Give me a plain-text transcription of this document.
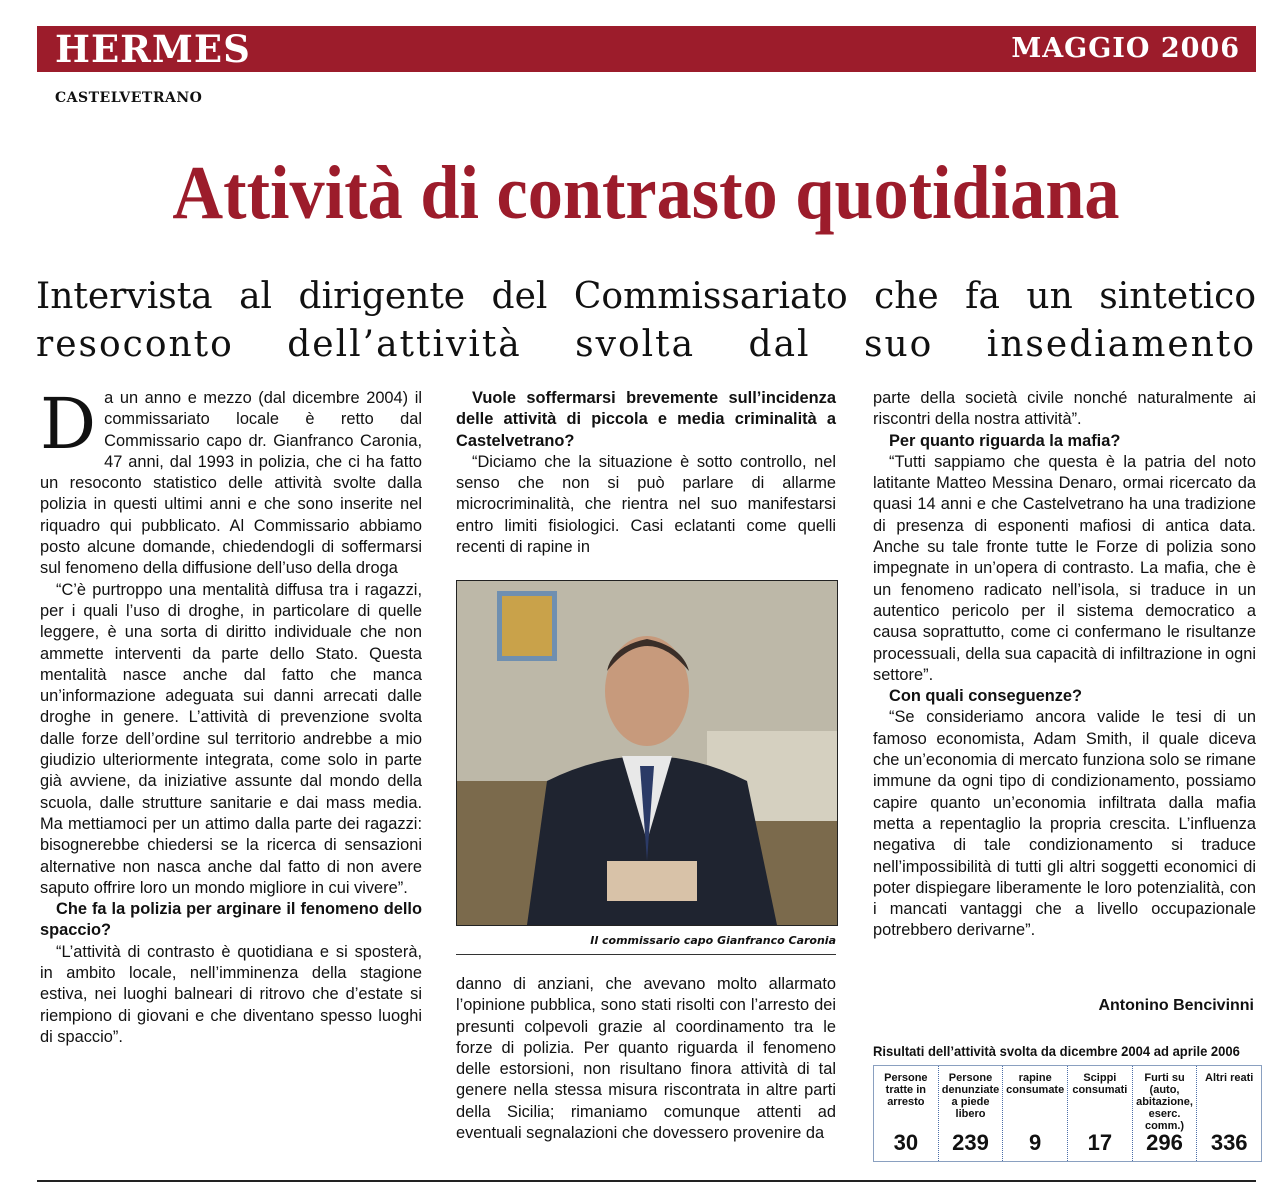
HERMES	MAGGIO 2006
CASTELVETRANO
Attività di contrasto quotidiana
Intervista al dirigente del Commissariato che fa un sintetico
resoconto dell’attività svolta dal suo insediamento
D a un anno e mezzo (dal dicembre 2004) il commissariato locale è retto dal Commissario capo dr. Gianfranco Caronia, 47 anni, dal 1993 in polizia, che ci ha fatto un resoconto statistico delle attività svolte dalla polizia in questi ultimi anni e che sono inserite nel riquadro qui pubblicato. Al Commissario abbiamo posto alcune domande, chiedendogli di soffermarsi sul fenomeno della diffusione dell’uso della droga

“C’è purtroppo una mentalità diffusa tra i ragazzi, per i quali l’uso di droghe, in particolare di quelle leggere, è una sorta di diritto individuale che non ammette interventi da parte dello Stato. Questa mentalità nasce anche dal fatto che manca un’informazione adeguata sui danni arrecati dalle droghe in genere. L’attività di prevenzione svolta dalle forze dell’ordine sul territorio andrebbe a mio giudizio ulteriormente integrata, come solo in parte già avviene, da iniziative assunte dal mondo della scuola, dalle strutture sanitarie e dai mass media. Ma mettiamoci per un attimo dalla parte dei ragazzi: bisognerebbe chiedersi se la ricerca di sensazioni alternative non nasca anche dal fatto di non avere saputo offrire loro un mondo migliore in cui vivere”.

Che fa la polizia per arginare il fenomeno dello spaccio?

“L’attività di contrasto è quotidiana e si sposterà, in ambito locale, nell’imminenza della stagione estiva, nei luoghi balneari di ritrovo che d’estate si riempiono di giovani e che diventano spesso luoghi di spaccio”.

Vuole soffermarsi brevemente sull’incidenza delle attività di piccola e media criminalità a Castelvetrano?

“Diciamo che la situazione è sotto controllo, nel senso che non si può parlare di allarme microcriminalità, che rientra nel suo manifestarsi entro limiti fisiologici. Casi eclatanti come quelli recenti di rapine in

Il commissario capo Gianfranco Caronia

danno di anziani, che avevano molto allarmato l’opinione pubblica, sono stati risolti con l’arresto dei presunti colpevoli grazie al coordinamento tra le forze di polizia. Per quanto riguarda il fenomeno delle estorsioni, non risultano finora attività di tal genere nella stessa misura riscontrata in altre parti della Sicilia; rimaniamo comunque attenti ad eventuali segnalazioni che dovessero provenire da

parte della società civile nonché naturalmente ai riscontri della nostra attività”.

Per quanto riguarda la mafia?

“Tutti sappiamo che questa è la patria del noto latitante Matteo Messina Denaro, ormai ricercato da quasi 14 anni e che Castelvetrano ha una tradizione di presenza di esponenti mafiosi di antica data. Anche su tale fronte tutte le Forze di polizia sono impegnate in un’opera di contrasto. La mafia, che è un fenomeno radicato nell’isola, si traduce in un autentico pericolo per il sistema democratico a causa soprattutto, come ci confermano le risultanze processuali, della sua capacità di infiltrazione in ogni settore”.

Con quali conseguenze?

“Se consideriamo ancora valide le tesi di un famoso economista, Adam Smith, il quale diceva che un’economia di mercato funziona solo se rimane immune da ogni tipo di condizionamento, possiamo capire quanto un’economia infiltrata dalla mafia metta a repentaglio la propria crescita. L’influenza negativa di tale condizionamento si traduce nell’impossibilità di tutti gli altri soggetti economici di poter dispiegare liberamente le loro potenzialità, con i mancati vantaggi che a livello occupazionale potrebbero derivarne”.

Antonino Bencivinni
Risultati dell’attività svolta da dicembre 2004 ad aprile 2006
Persone tratte in arresto
30
Persone denunziate a piede libero
239
rapine consumate
9
Scippi consumati
17
Furti su (auto, abitazione, eserc. comm.)
296
Altri reati
336
